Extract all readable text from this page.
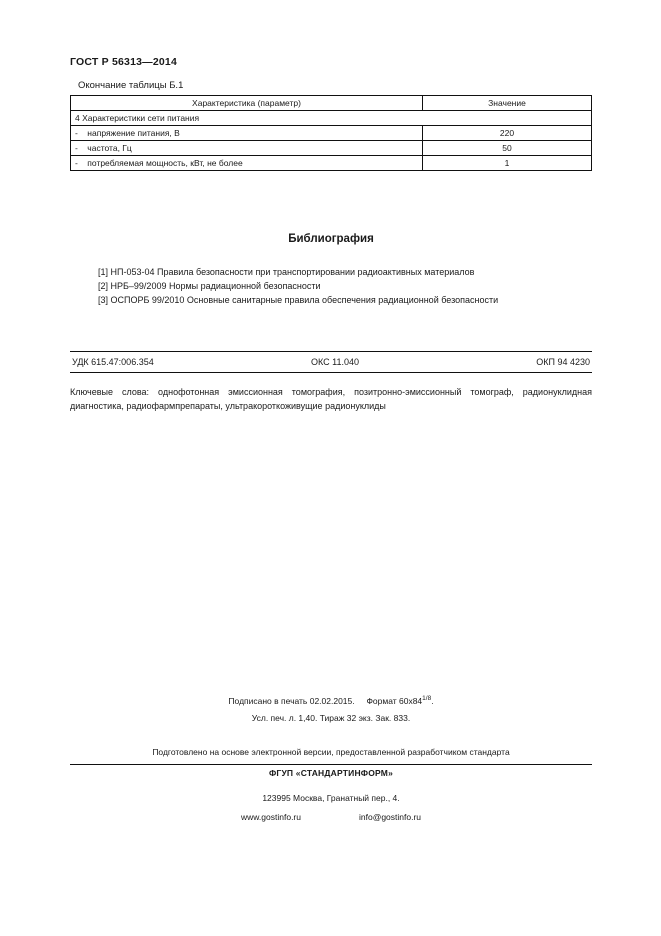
ГОСТ Р 56313—2014
Окончание таблицы Б.1
Характеристика (параметр)	Значение
4 Характеристики сети питания	
- напряжение питания, В	220
- частота, Гц	50
- потребляемая мощность, кВт, не более	1
Библиография
[1] НП-053-04 Правила безопасности при транспортировании радиоактивных материалов
[2] НРБ–99/2009 Нормы радиационной безопасности
[3] ОСПОРБ 99/2010 Основные санитарные правила обеспечения радиационной безопасности
УДК 615.47:006.354	ОКС 11.040	ОКП 94 4230
Ключевые слова: однофотонная эмиссионная томография, позитронно-эмиссионный томограф, радионуклидная диагностика, радиофармпрепараты, ультракороткоживущие радионуклиды
Подписано в печать 02.02.2015. Формат $60х84^{1/8}$.
Усл. печ. л. 1,40. Тираж 32 экз. Зак. 833.
Подготовлено на основе электронной версии, предоставленной разработчиком стандарта
ФГУП «СТАНДАРТИНФОРМ»
123995 Москва, Гранатный пер., 4.
www.gostinfo.ru	info@gostinfo.ru
